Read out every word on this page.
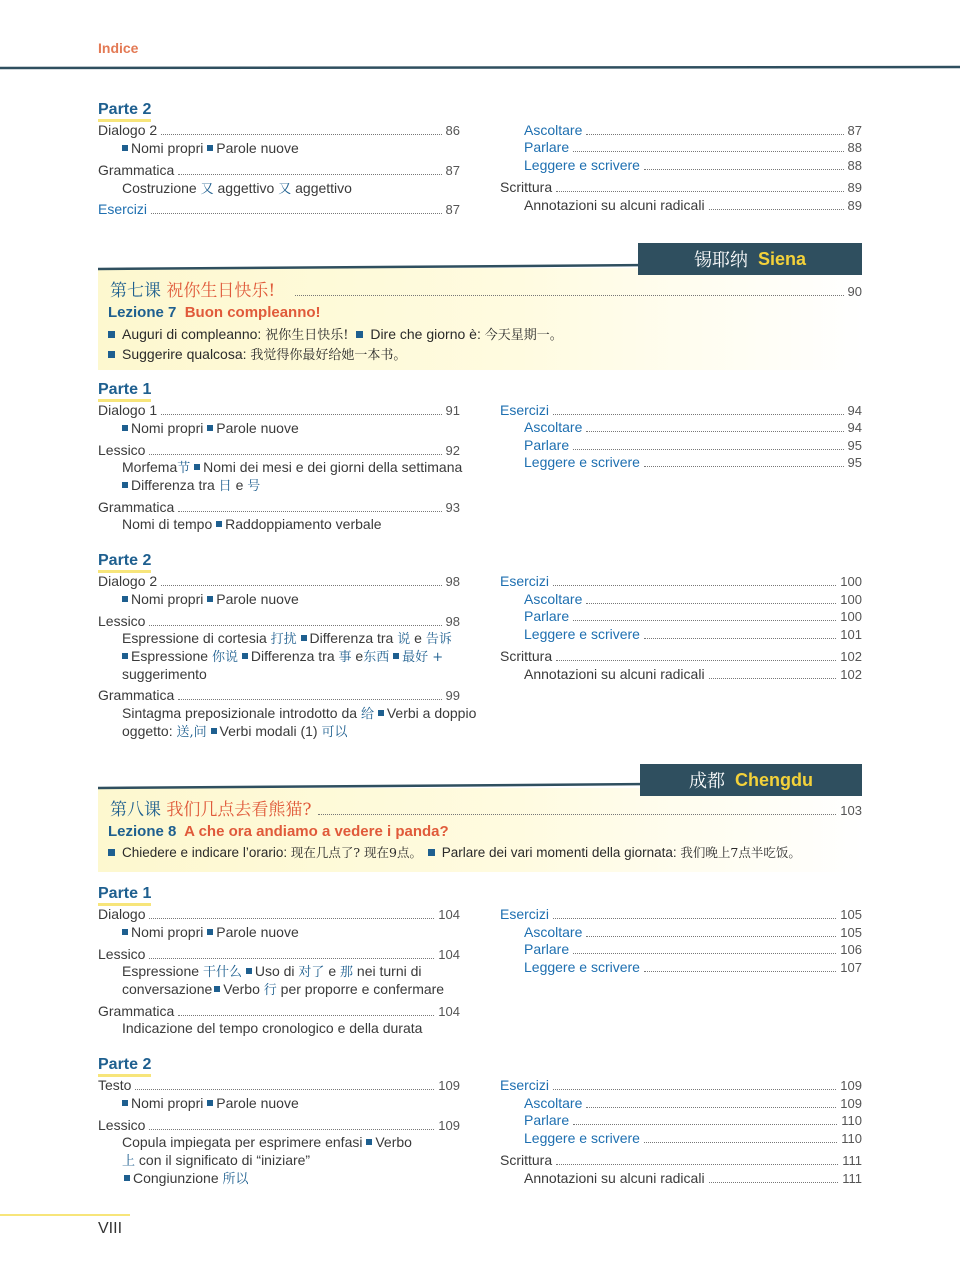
Indice
Parte 2
Dialogo 2	86
Nomi propri Parole nuove
Grammatica	87
Costruzione 又 aggettivo 又 aggettivo
Esercizi	87
Ascoltare	87
Parlare	88
Leggere e scrivere	88
Scrittura	89
Annotazioni su alcuni radicali	89
锡耶纳 Siena
第七课 祝你生日快乐!	90
Lezione 7 Buon compleanno!
Auguri di compleanno: 祝你生日快乐! Dire che giorno è: 今天星期一。
Suggerire qualcosa: 我觉得你最好给她一本书。
Parte 1
Dialogo 1	91
Nomi propri Parole nuove
Lessico	92
Morfema节 Nomi dei mesi e dei giorni della settimana
Differenza tra 日 e 号
Grammatica	93
Nomi di tempo Raddoppiamento verbale
Esercizi	94
Ascoltare	94
Parlare	95
Leggere e scrivere	95
Parte 2
Dialogo 2	98
Nomi propri Parole nuove
Lessico	98
Espressione di cortesia 打扰 Differenza tra 说 e 告诉
Espressione 你说 Differenza tra 事 e东西 最好 +
suggerimento
Grammatica	99
Sintagma preposizionale introdotto da 给 Verbi a doppio
oggetto: 送,问 Verbi modali (1) 可以
Esercizi	100
Ascoltare	100
Parlare	100
Leggere e scrivere	101
Scrittura	102
Annotazioni su alcuni radicali	102
成都 Chengdu
第八课 我们几点去看熊猫?	103
Lezione 8 A che ora andiamo a vedere i panda?
Chiedere e indicare l’orario: 现在几点了? 现在9点。 Parlare dei vari momenti della giornata: 我们晚上7点半吃饭。
Parte 1
Dialogo	104
Nomi propri Parole nuove
Lessico	104
Espressione 干什么 Uso di 对了 e 那 nei turni di
conversazione Verbo 行 per proporre e confermare
Grammatica	104
Indicazione del tempo cronologico e della durata
Esercizi	105
Ascoltare	105
Parlare	106
Leggere e scrivere	107
Parte 2
Testo	109
Nomi propri Parole nuove
Lessico	109
Copula impiegata per esprimere enfasi Verbo
上 con il significato di “iniziare”
Congiunzione 所以
Esercizi	109
Ascoltare	109
Parlare	110
Leggere e scrivere	110
Scrittura	111
Annotazioni su alcuni radicali	111
VIII
